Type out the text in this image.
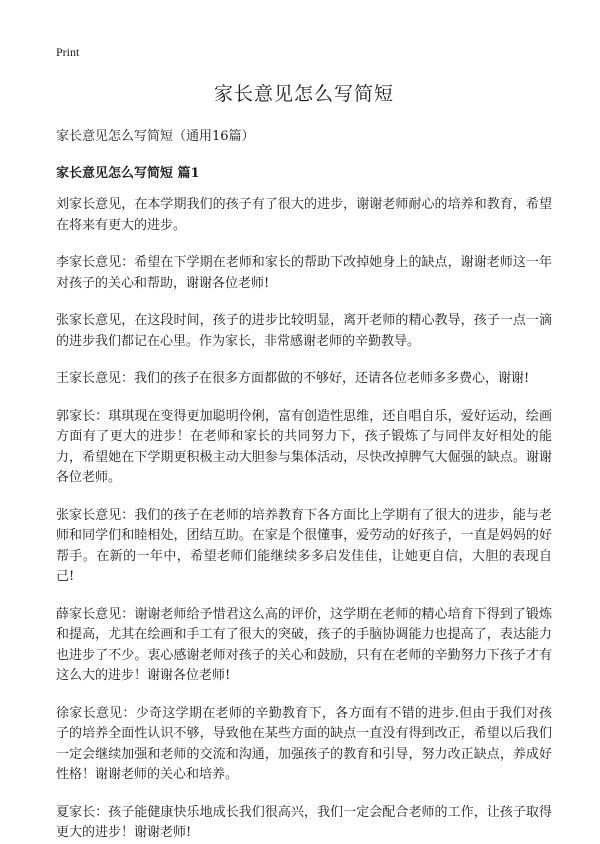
Print
家长意见怎么写简短
家长意见怎么写简短（通用16篇）
家长意见怎么写简短 篇1

刘家长意见，在本学期我们的孩子有了很大的进步，谢谢老师耐心的培养和教育，希望在将来有更大的进步。

李家长意见：希望在下学期在老师和家长的帮助下改掉她身上的缺点，谢谢老师这一年对孩子的关心和帮助，谢谢各位老师!

张家长意见，在这段时间，孩子的进步比较明显，离开老师的精心教导，孩子一点一滴的进步我们都记在心里。作为家长，非常感谢老师的辛勤教导。

王家长意见：我们的孩子在很多方面都做的不够好，还请各位老师多多费心，谢谢!

郭家长：琪琪现在变得更加聪明伶俐，富有创造性思维，还自唱自乐，爱好运动，绘画方面有了更大的进步！在老师和家长的共同努力下，孩子锻炼了与同伴友好相处的能力，希望她在下学期更积极主动大胆参与集体活动，尽快改掉脾气大倔强的缺点。谢谢各位老师。

张家长意见：我们的孩子在老师的培养教育下各方面比上学期有了很大的进步，能与老师和同学们和睦相处，团结互助。在家是个很懂事，爱劳动的好孩子，一直是妈妈的好帮手。在新的一年中，希望老师们能继续多多启发佳佳，让她更自信，大胆的表现自己!

薛家长意见：谢谢老师给予惜君这么高的评价，这学期在老师的精心培育下得到了锻炼和提高，尤其在绘画和手工有了很大的突破，孩子的手脑协调能力也提高了，表达能力也进步了不少。衷心感谢老师对孩子的关心和鼓励，只有在老师的辛勤努力下孩子才有这么大的进步！谢谢各位老师!

徐家长意见：少奇这学期在老师的辛勤教育下，各方面有不错的进步.但由于我们对孩子的培养全面性认识不够，导致他在某些方面的缺点一直没有得到改正，希望以后我们一定会继续加强和老师的交流和沟通，加强孩子的教育和引导，努力改正缺点，养成好性格！谢谢老师的关心和培养。

夏家长：孩子能健康快乐地成长我们很高兴，我们一定会配合老师的工作，让孩子取得更大的进步！谢谢老师!
